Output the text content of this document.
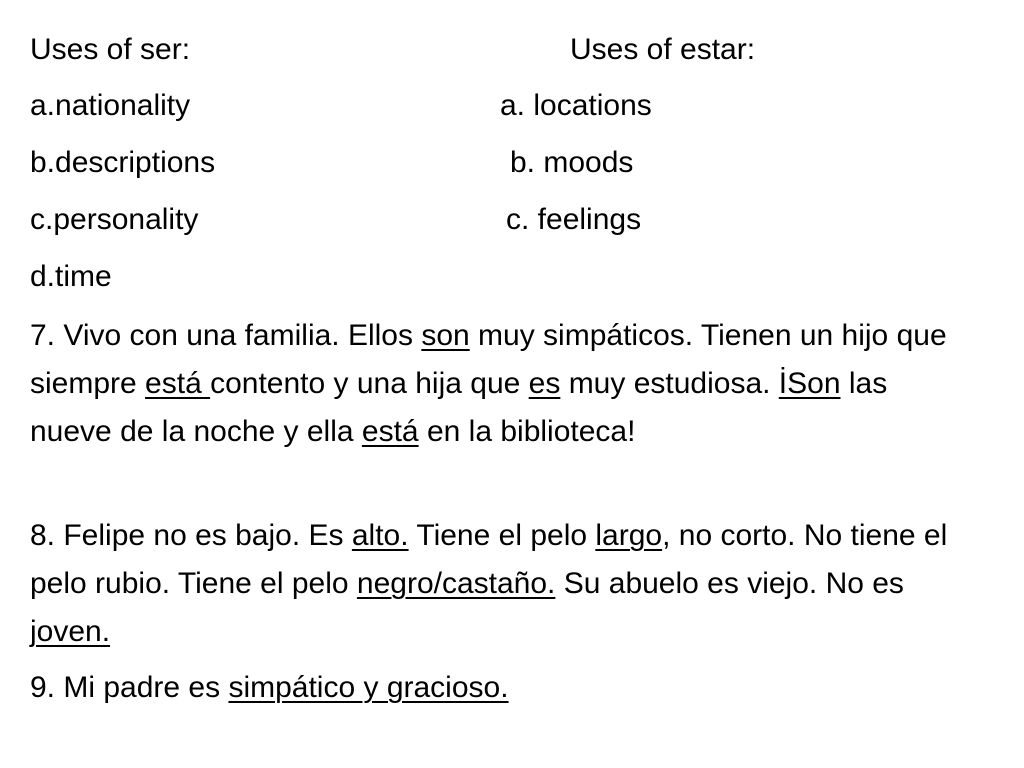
Uses of ser:	Uses of estar:
a.nationality	a. locations
b.descriptions	b. moods
c.personality	c. feelings
d.time
7. Vivo con una familia. Ellos son muy simpáticos. Tienen un hijo que siempre está contento y una hija que es muy estudiosa. İSon las nueve de la noche y ella está en la biblioteca!
8. Felipe no es bajo. Es alto. Tiene el pelo largo, no corto. No tiene el pelo rubio. Tiene el pelo negro/castaño. Su abuelo es viejo. No es joven.
9. Mi padre es simpático y gracioso.
